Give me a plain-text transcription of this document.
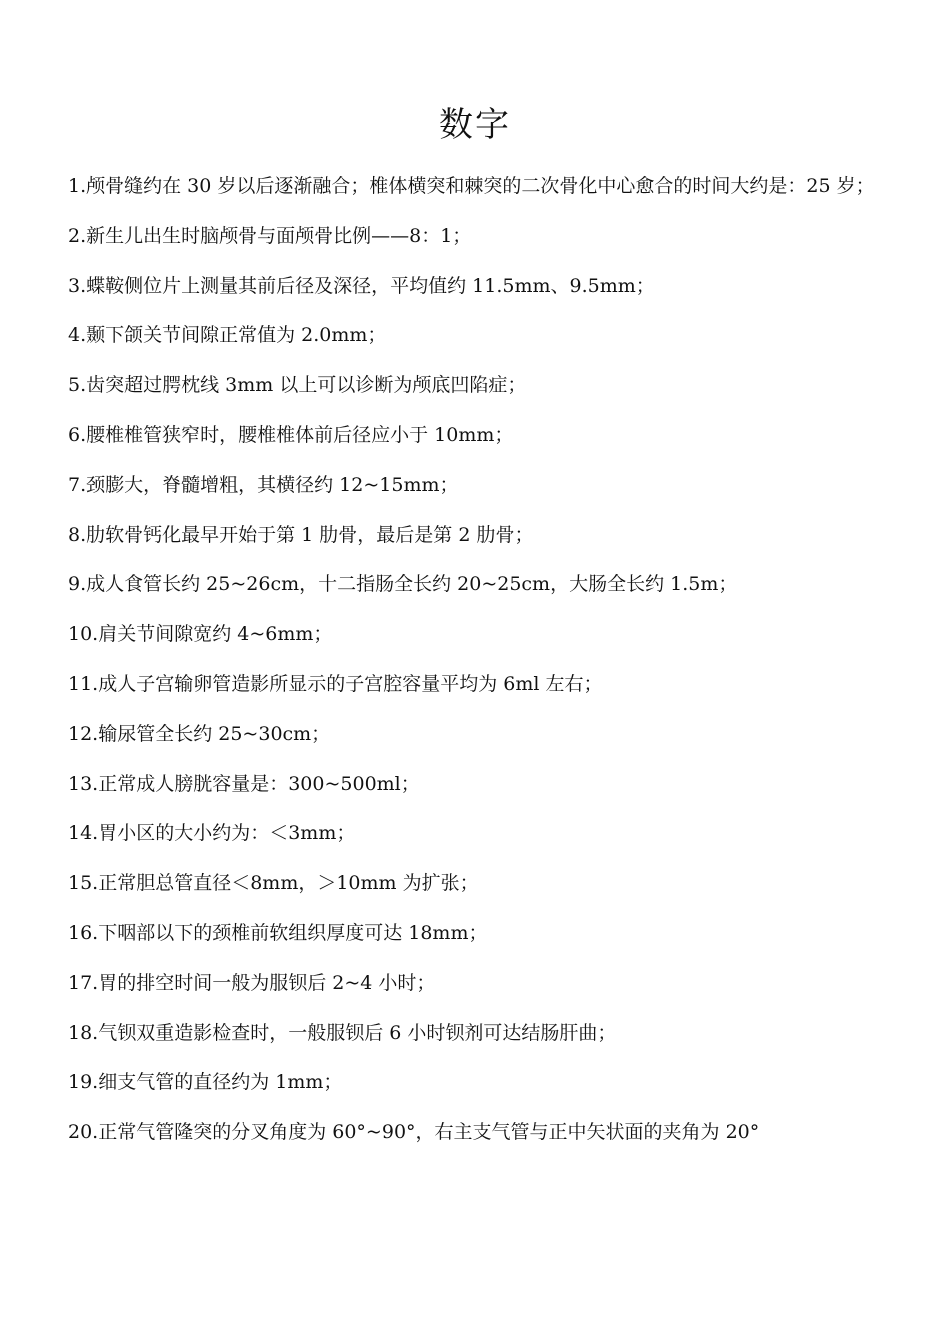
数字
1.颅骨缝约在 30 岁以后逐渐融合；椎体横突和棘突的二次骨化中心愈合的时间大约是：25 岁；
2.新生儿出生时脑颅骨与面颅骨比例——8：1；
3.蝶鞍侧位片上测量其前后径及深径，平均值约 11.5mm、9.5mm；
4.颞下颌关节间隙正常值为 2.0mm；
5.齿突超过腭枕线 3mm 以上可以诊断为颅底凹陷症；
6.腰椎椎管狭窄时，腰椎椎体前后径应小于 10mm；
7.颈膨大，脊髓增粗，其横径约 12~15mm；
8.肋软骨钙化最早开始于第 1 肋骨，最后是第 2 肋骨；
9.成人食管长约 25~26cm，十二指肠全长约 20~25cm，大肠全长约 1.5m；
10.肩关节间隙宽约 4~6mm；
11.成人子宫输卵管造影所显示的子宫腔容量平均为 6ml 左右；
12.输尿管全长约 25~30cm；
13.正常成人膀胱容量是：300~500ml；
14.胃小区的大小约为：＜3mm；
15.正常胆总管直径＜8mm，＞10mm 为扩张；
16.下咽部以下的颈椎前软组织厚度可达 18mm；
17.胃的排空时间一般为服钡后 2~4 小时；
18.气钡双重造影检查时，一般服钡后 6 小时钡剂可达结肠肝曲；
19.细支气管的直径约为 1mm；
20.正常气管隆突的分叉角度为 60°~90°，右主支气管与正中矢状面的夹角为 20°
